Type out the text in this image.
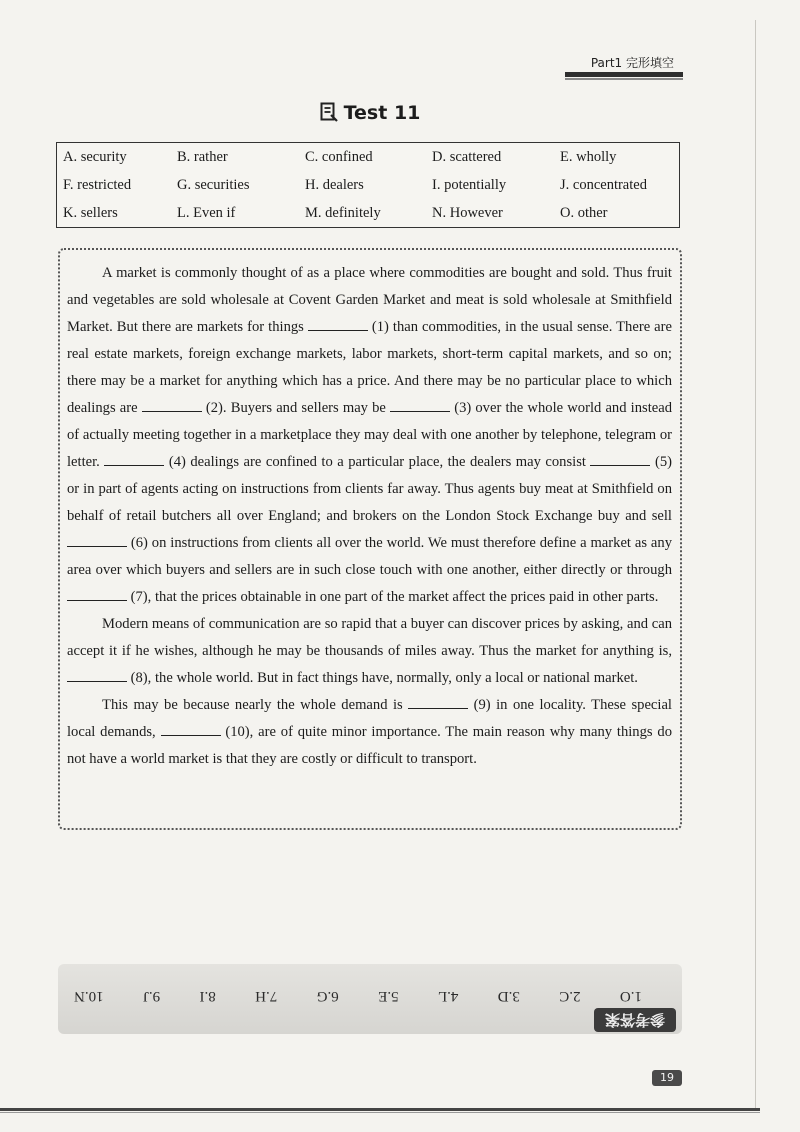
Part1 完形填空
Test 11
A. security	B. rather	C. confined	D. scattered	E. wholly
F. restricted	G. securities	H. dealers	I. potentially	J. concentrated
K. sellers	L. Even if	M. definitely	N. However	O. other

A market is commonly thought of as a place where commodities are bought and sold. Thus fruit and vegetables are sold wholesale at Covent Garden Market and meat is sold wholesale at Smithfield Market. But there are markets for things	(1) than commodities, in the usual sense. There are real estate markets, foreign exchange markets, labor markets, short-term capital markets, and so on; there may be a market for anything which has a price. And there may be no particular place to which dealings are	(2). Buyers and sellers may be	(3) over the whole world and instead of actually meeting together in a marketplace they may deal with one another by telephone, telegram or letter.	(4) dealings are confined to a particular place, the dealers may consist	(5) or in part of agents acting on instructions from clients far away. Thus agents buy meat at Smithfield on behalf of retail butchers all over England; and brokers on the London Stock Exchange buy and sell  (6) on instructions from clients all over the world. We must therefore define a market as any area over which buyers and sellers are in such close touch with one another, either directly or through  (7), that the prices obtainable in one part of the market affect the prices paid in other parts.

Modern means of communication are so rapid that a buyer can discover prices by asking, and can accept it if he wishes, although he may be thousands of miles away. Thus the market for anything is,  (8), the whole world. But in fact things have, normally, only a local or national market.

This may be because nearly the whole demand is	(9) in one locality. These special local demands,	(10), are of quite minor importance. The main reason why many things do not have a world market is that they are costly or difficult to transport.

1.O
2.C
3.D
4.L
5.E
6.G
7.H
8.I
9.J
10.N
参考答案
19
